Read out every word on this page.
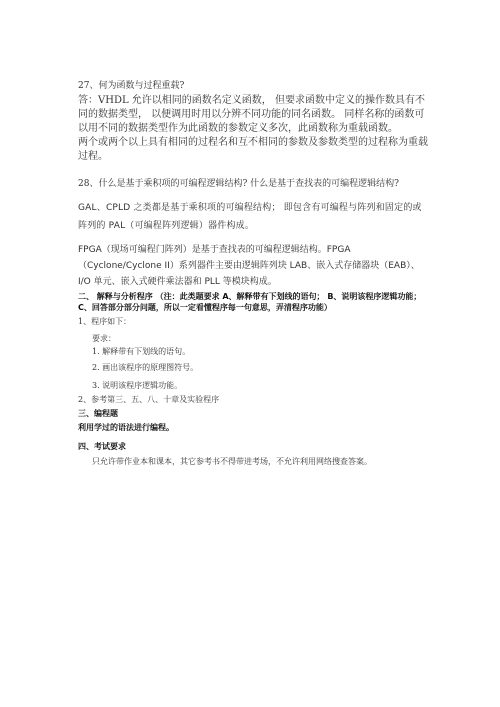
27、何为函数与过程重载?

答：VHDL 允许以相同的函数名定义函数， 但要求函数中定义的操作数具有不同的数据类型， 以便调用时用以分辨不同功能的同名函数。 同样名称的函数可以用不同的数据类型作为此函数的参数定义多次，此函数称为重载函数。

两个或两个以上具有相同的过程名和互不相同的参数及参数类型的过程称为重载过程。

28、什么是基于乘积项的可编程逻辑结构? 什么是基于查找表的可编程逻辑结构?

GAL、CPLD 之类都是基于乘积项的可编程结构； 即包含有可编程与阵列和固定的或阵列的 PAL（可编程阵列逻辑）器件构成。

FPGA（现场可编程门阵列）是基于查找表的可编程逻辑结构。FPGA（Cyclone/Cyclone II）系列器件主要由逻辑阵列块 LAB、嵌入式存储器块（EAB）、I/O 单元、嵌入式硬件乘法器和 PLL 等模块构成。

二、 解释与分析程序 （注：此类题要求 A、解释带有下划线的语句； B、说明该程序逻辑功能； C、回答部分部分问题，所以一定看懂程序每一句意思，弄清程序功能）

1、程序如下：

要求：

1. 解释带有下划线的语句。

2. 画出该程序的原理图符号。

3. 说明该程序逻辑功能。

2、参考第三、五、八、十章及实验程序

三、编程题

利用学过的语法进行编程。

四、考试要求

只允许带作业本和课本，其它参考书不得带进考场，不允许利用网络搜查答案。
